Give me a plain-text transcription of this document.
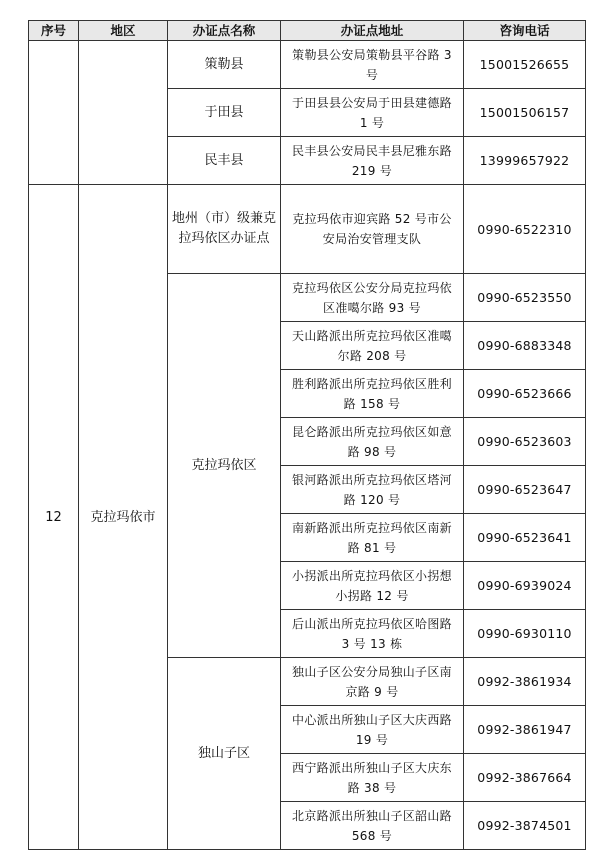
序号	地区	办证点名称	办证点地址	咨询电话
		策勒县	策勒县公安局策勒县平谷路 3 号	15001526655
		于田县	于田县县公安局于田县建德路 1 号	15001506157
		民丰县	民丰县公安局民丰县尼雅东路 219 号	13999657922
12	克拉玛依市	地州（市）级兼克拉玛依区办证点	克拉玛依市迎宾路 52 号市公安局治安管理支队	0990-6522310
		克拉玛依区	克拉玛依区公安分局克拉玛依区准噶尔路 93 号	0990-6523550
			天山路派出所克拉玛依区准噶尔路 208 号	0990-6883348
			胜利路派出所克拉玛依区胜利路 158 号	0990-6523666
			昆仑路派出所克拉玛依区如意路 98 号	0990-6523603
			银河路派出所克拉玛依区塔河路 120 号	0990-6523647
			南新路派出所克拉玛依区南新路 81 号	0990-6523641
			小拐派出所克拉玛依区小拐想小拐路 12 号	0990-6939024
			后山派出所克拉玛依区哈图路 3 号 13 栋	0990-6930110
		独山子区	独山子区公安分局独山子区南京路 9 号	0992-3861934
			中心派出所独山子区大庆西路 19 号	0992-3861947
			西宁路派出所独山子区大庆东路 38 号	0992-3867664
			北京路派出所独山子区韶山路 568 号	0992-3874501
